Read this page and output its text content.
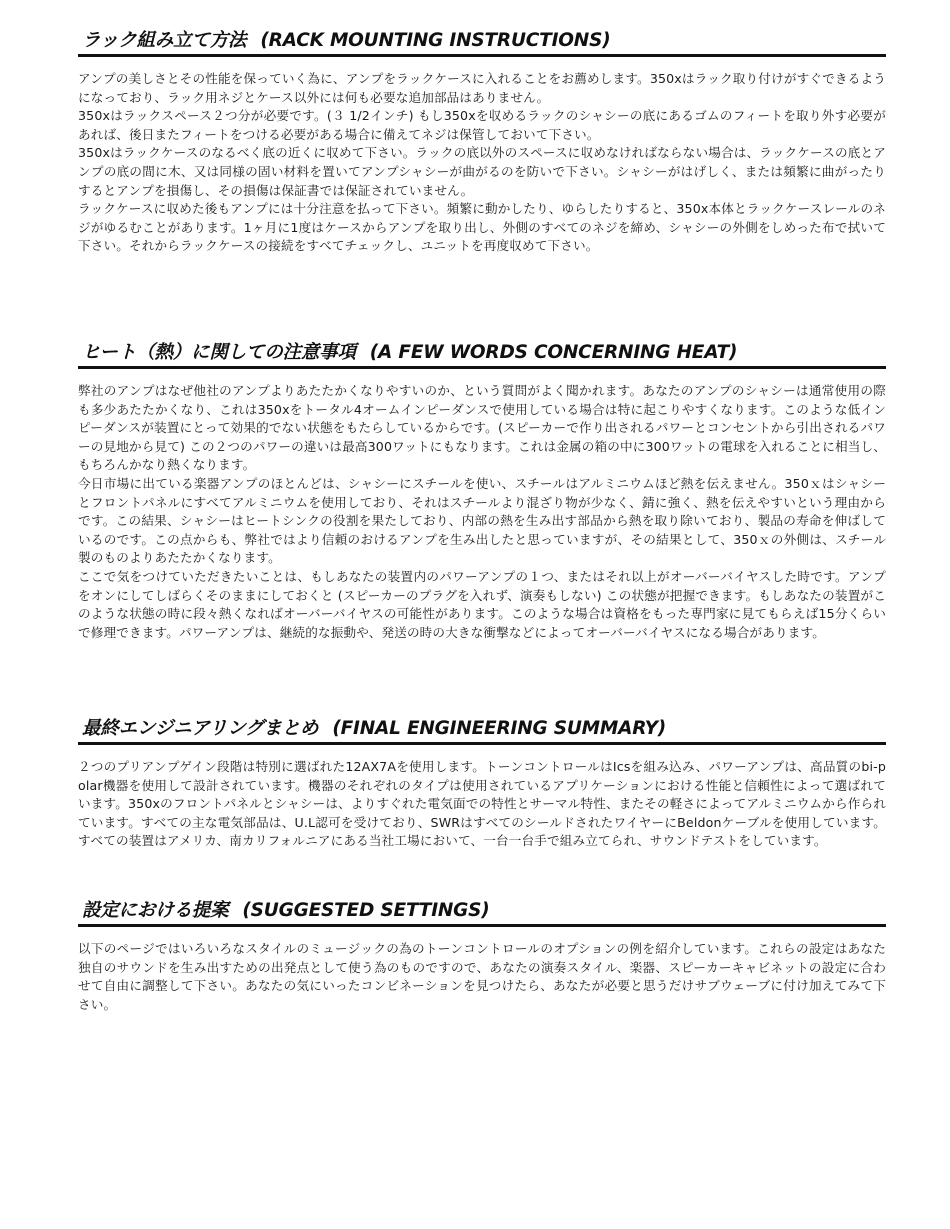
ラック組み立て方法 (RACK MOUNTING INSTRUCTIONS)

アンプの美しさとその性能を保っていく為に、アンプをラックケースに入れることをお薦めします。350xはラック取り付けがすぐできるようになっており、ラック用ネジとケース以外には何も必要な追加部品はありません。

350xはラックスペース２つ分が必要です。(３ 1/2インチ) もし350xを収めるラックのシャシーの底にあるゴムのフィートを取り外す必要があれば、後日またフィートをつける必要がある場合に備えてネジは保管しておいて下さい。

350xはラックケースのなるべく底の近くに収めて下さい。ラックの底以外のスペースに収めなければならない場合は、ラックケースの底とアンプの底の間に木、又は同様の固い材料を置いてアンプシャシーが曲がるのを防いで下さい。シャシーがはげしく、または頻繁に曲がったりするとアンプを損傷し、その損傷は保証書では保証されていません。

ラックケースに収めた後もアンプには十分注意を払って下さい。頻繁に動かしたり、ゆらしたりすると、350x本体とラックケースレールのネジがゆるむことがあります。1ヶ月に1度はケースからアンプを取り出し、外側のすべてのネジを締め、シャシーの外側をしめった布で拭いて下さい。それからラックケースの接続をすべてチェックし、ユニットを再度収めて下さい。

ヒート（熱）に関しての注意事項 (A FEW WORDS CONCERNING HEAT)

弊社のアンプはなぜ他社のアンプよりあたたかくなりやすいのか、という質問がよく聞かれます。あなたのアンプのシャシーは通常使用の際も多少あたたかくなり、これは350xをトータル4オームインピーダンスで使用している場合は特に起こりやすくなります。このような低インピーダンスが装置にとって効果的でない状態をもたらしているからです。(スピーカーで作り出されるパワーとコンセントから引出されるパワーの見地から見て) この２つのパワーの違いは最高300ワットにもなります。これは金属の箱の中に300ワットの電球を入れることに相当し、もちろんかなり熱くなります。

今日市場に出ている楽器アンプのほとんどは、シャシーにスチールを使い、スチールはアルミニウムほど熱を伝えません。350ｘはシャシーとフロントパネルにすべてアルミニウムを使用しており、それはスチールより混ざり物が少なく、錆に強く、熱を伝えやすいという理由からです。この結果、シャシーはヒートシンクの役割を果たしており、内部の熱を生み出す部品から熱を取り除いており、製品の寿命を伸ばしているのです。この点からも、弊社ではより信頼のおけるアンプを生み出したと思っていますが、その結果として、350ｘの外側は、スチール製のものよりあたたかくなります。

ここで気をつけていただきたいことは、もしあなたの装置内のパワーアンプの１つ、またはそれ以上がオーバーバイヤスした時です。アンプをオンにしてしばらくそのままにしておくと (スピーカーのプラグを入れず、演奏もしない) この状態が把握できます。もしあなたの装置がこのような状態の時に段々熱くなればオーバーバイヤスの可能性があります。このような場合は資格をもった専門家に見てもらえば15分くらいで修理できます。パワーアンプは、継続的な振動や、発送の時の大きな衝撃などによってオーバーバイヤスになる場合があります。

最終エンジニアリングまとめ (FINAL ENGINEERING SUMMARY)

２つのプリアンプゲイン段階は特別に選ばれた12AX7Aを使用します。トーンコントロールはIcsを組み込み、パワーアンプは、高品質のbi-polar機器を使用して設計されています。機器のそれぞれのタイプは使用されているアプリケーションにおける性能と信頼性によって選ばれています。350xのフロントパネルとシャシーは、よりすぐれた電気面での特性とサーマル特性、またその軽さによってアルミニウムから作られています。すべての主な電気部品は、U.L認可を受けており、SWRはすべてのシールドされたワイヤーにBeldonケーブルを使用しています。すべての装置はアメリカ、南カリフォルニアにある当社工場において、一台一台手で組み立てられ、サウンドテストをしています。

設定における提案 (SUGGESTED SETTINGS)

以下のページではいろいろなスタイルのミュージックの為のトーンコントロールのオプションの例を紹介しています。これらの設定はあなた独自のサウンドを生み出すための出発点として使う為のものですので、あなたの演奏スタイル、楽器、スピーカーキャビネットの設定に合わせて自由に調整して下さい。あなたの気にいったコンビネーションを見つけたら、あなたが必要と思うだけサブウェーブに付け加えてみて下さい。
